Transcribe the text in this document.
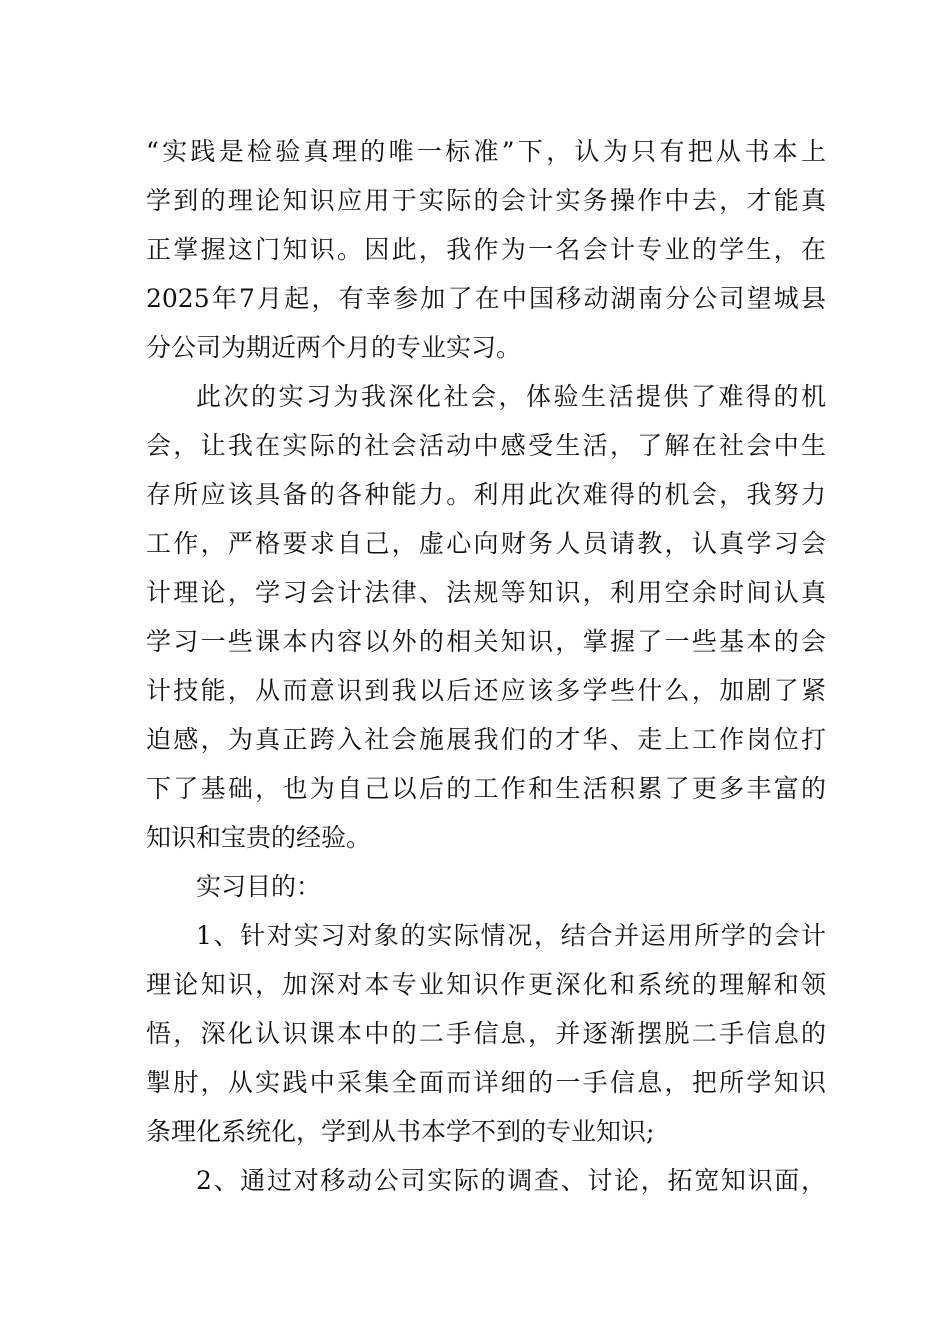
“实践是检验真理的唯一标准”下，认为只有把从书本上
学到的理论知识应用于实际的会计实务操作中去，才能真
正掌握这门知识。因此，我作为一名会计专业的学生，在
2025年7月起，有幸参加了在中国移动湖南分公司望城县
分公司为期近两个月的专业实习。
此次的实习为我深化社会，体验生活提供了难得的机
会，让我在实际的社会活动中感受生活，了解在社会中生
存所应该具备的各种能力。利用此次难得的机会，我努力
工作，严格要求自己，虚心向财务人员请教，认真学习会
计理论，学习会计法律、法规等知识，利用空余时间认真
学习一些课本内容以外的相关知识，掌握了一些基本的会
计技能，从而意识到我以后还应该多学些什么，加剧了紧
迫感，为真正跨入社会施展我们的才华、走上工作岗位打
下了基础，也为自己以后的工作和生活积累了更多丰富的
知识和宝贵的经验。
实习目的：
1、针对实习对象的实际情况，结合并运用所学的会计
理论知识，加深对本专业知识作更深化和系统的理解和领
悟，深化认识课本中的二手信息，并逐渐摆脱二手信息的
掣肘，从实践中采集全面而详细的一手信息，把所学知识
条理化系统化，学到从书本学不到的专业知识;
2、通过对移动公司实际的调查、讨论，拓宽知识面，
